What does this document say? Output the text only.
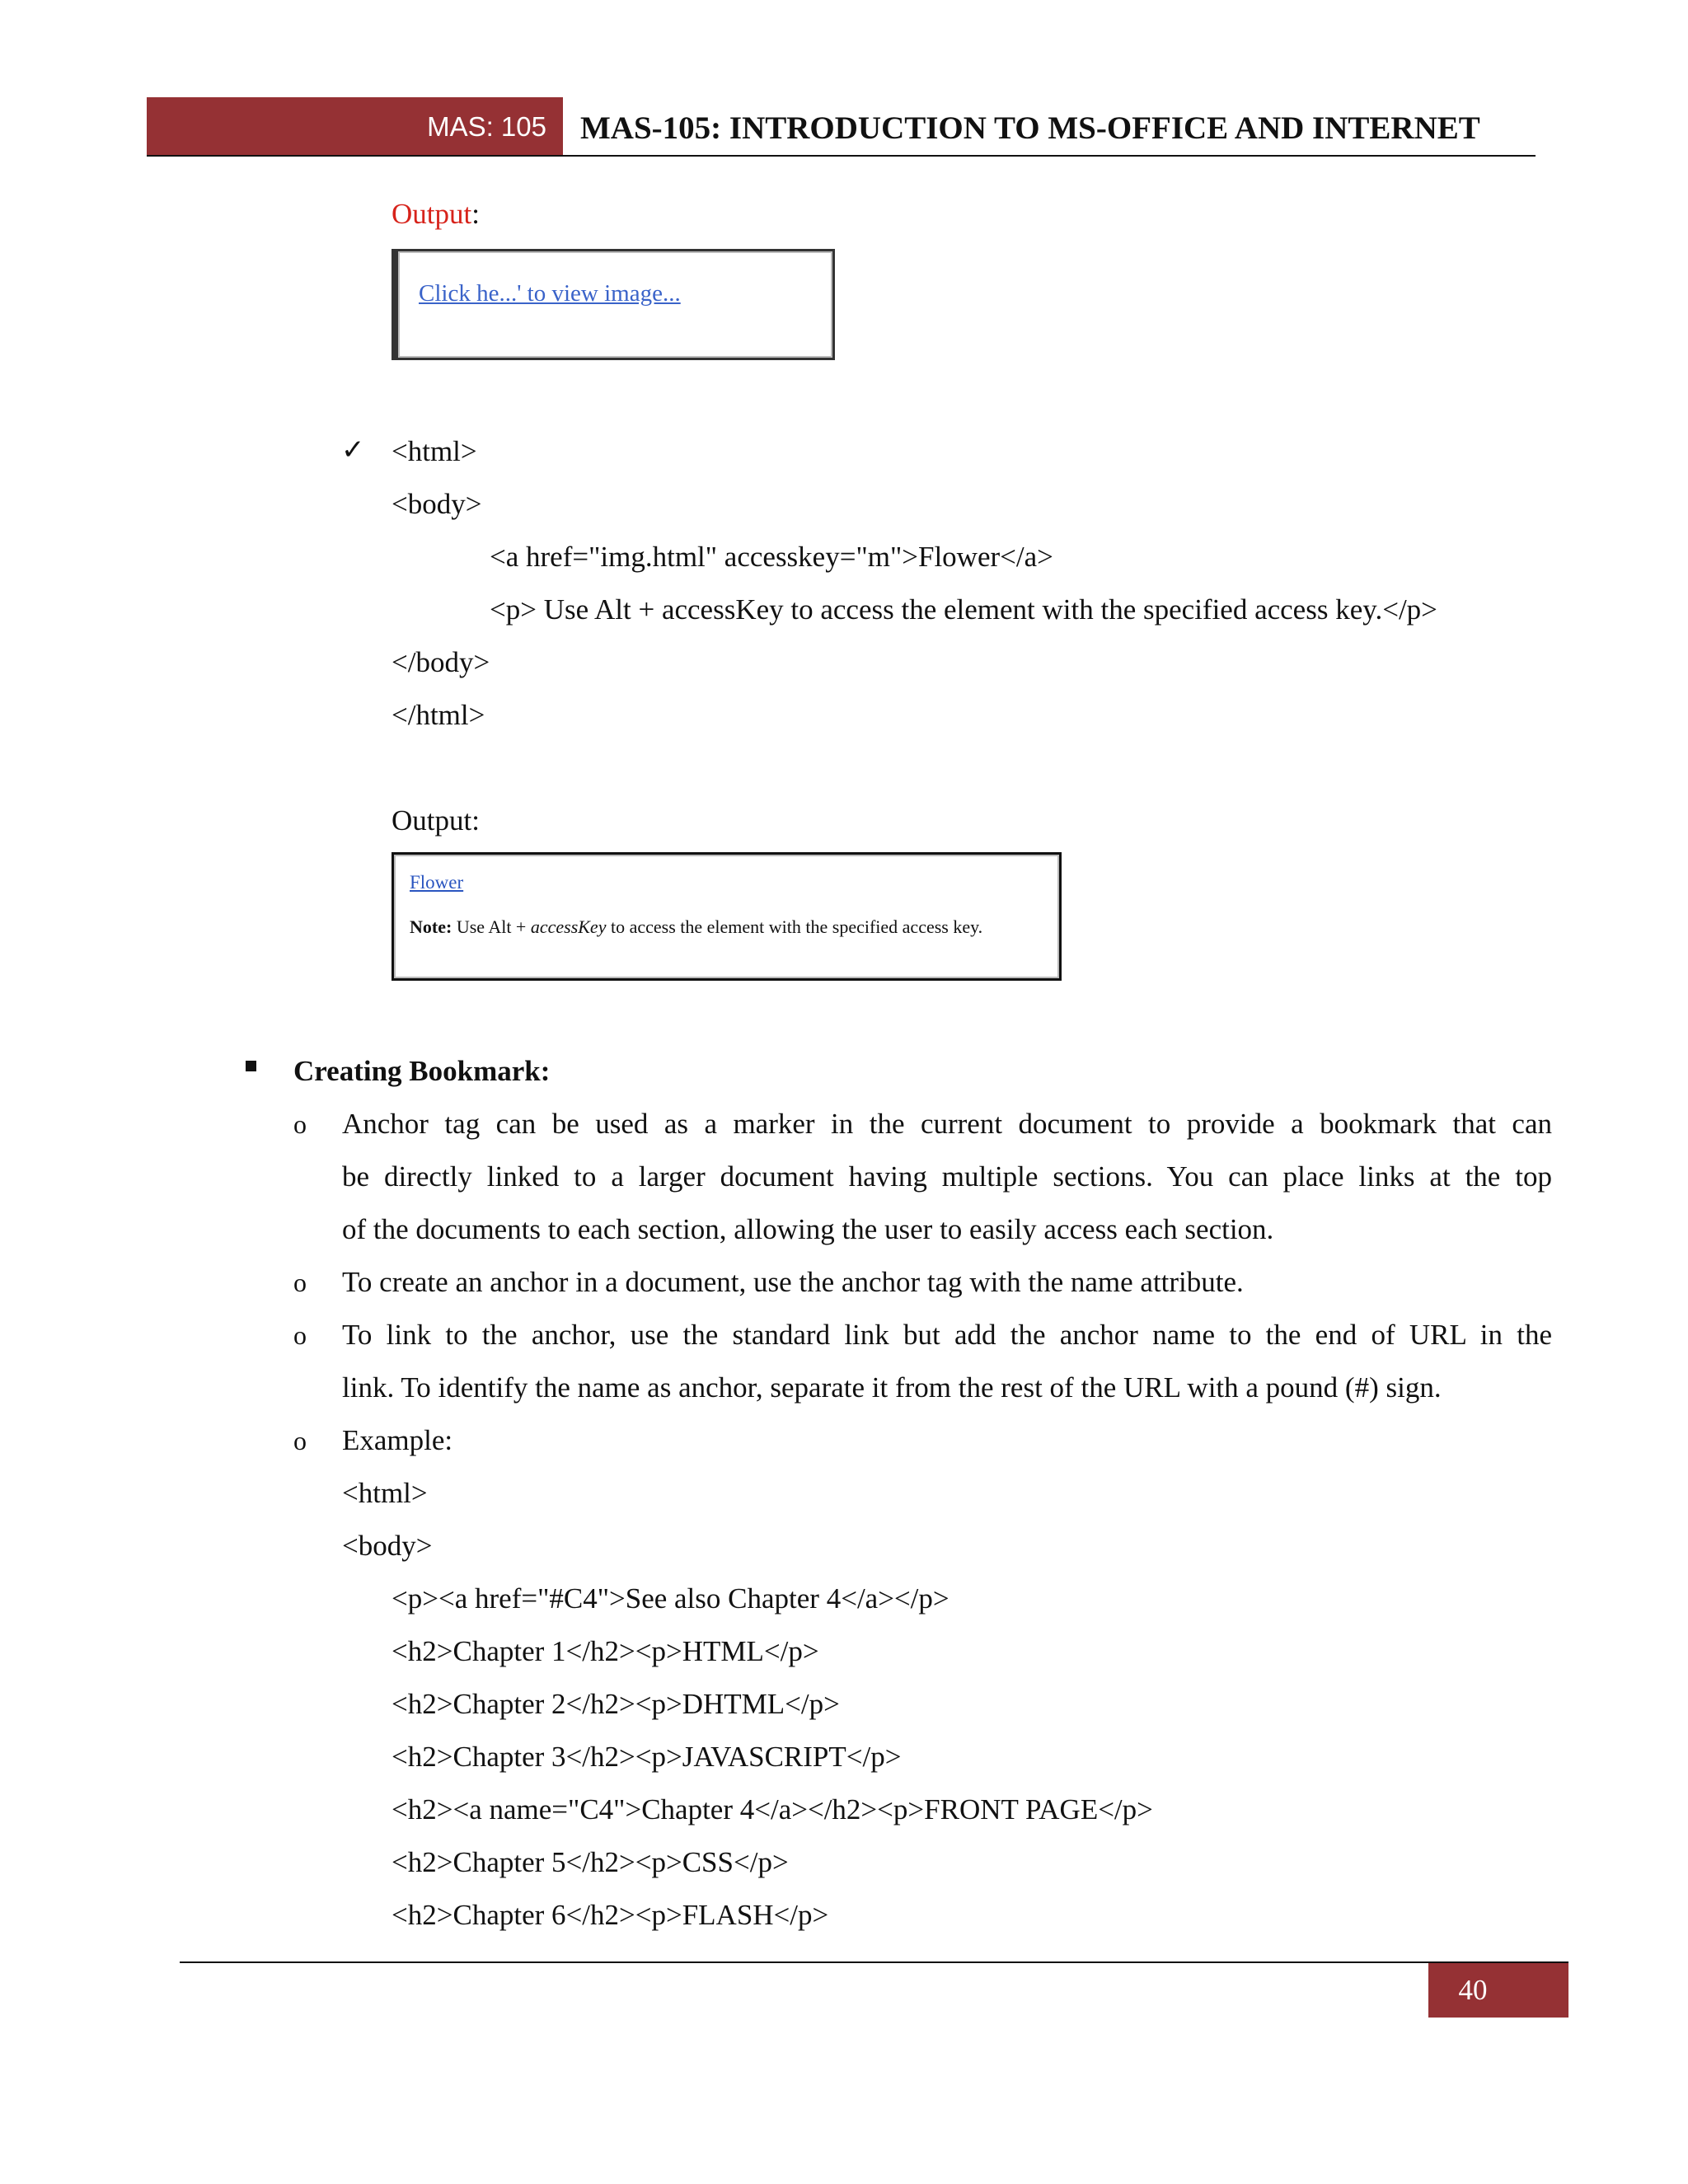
MAS: 105 MAS-105: INTRODUCTION TO MS-OFFICE AND INTERNET
Output:
Click he...' to view image...
✓ <html>
<body>
<a href="img.html" accesskey="m">Flower</a>
<p> Use Alt + accessKey to access the element with the specified access key.</p>
</body>
</html>
Output:
Flower
Note: Use Alt + accessKey to access the element with the specified access key.
Creating Bookmark:
o Anchor tag can be used as a marker in the current document to provide a bookmark that can
be directly linked to a larger document having multiple sections. You can place links at the top
of the documents to each section, allowing the user to easily access each section.
o To create an anchor in a document, use the anchor tag with the name attribute.
o To link to the anchor, use the standard link but add the anchor name to the end of URL in the
link. To identify the name as anchor, separate it from the rest of the URL with a pound (#) sign.
o Example:
<html>
<body>
<p><a href="#C4">See also Chapter 4</a></p>
<h2>Chapter 1</h2><p>HTML</p>
<h2>Chapter 2</h2><p>DHTML</p>
<h2>Chapter 3</h2><p>JAVASCRIPT</p>
<h2><a name="C4">Chapter 4</a></h2><p>FRONT PAGE</p>
<h2>Chapter 5</h2><p>CSS</p>
<h2>Chapter 6</h2><p>FLASH</p>
40
